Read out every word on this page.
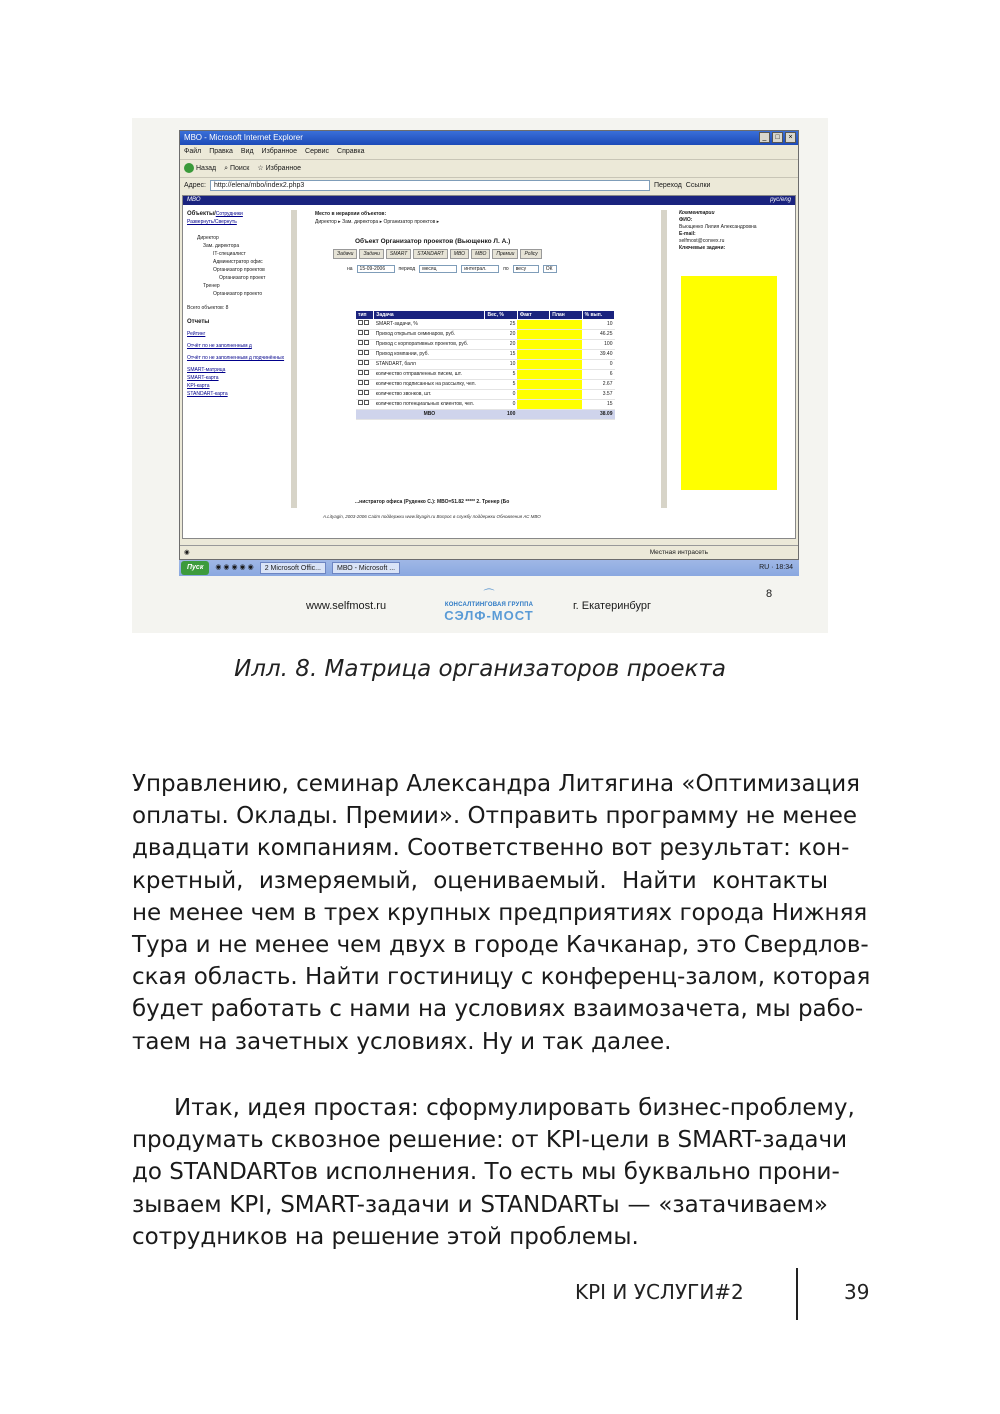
МВО - Microsoft Internet Explorer	_	□	×
Файл Правка Вид Избранное Сервис Справка
Назад ⌕ Поиск ☆ Избранное
Адрес:	http://elena/mbo/index2.php3	Переход Ссылки
МВО	рус/eng
Объекты/Сотрудники
Развернуть/Свернуть
Директор
Зам. директора
IT-специалист
Администратор офис
Организатор проектов
Организатор проект
Тренер
Организатор проекто
Всего объектов: 8
Отчеты
Рейтинг
Отчёт по не заполненным д
Отчёт по не заполненным д подчинённых
SMART-матрица
SMART-карта
KPI-карта
STANDART-карта
Место в иерархии объектов:
Директор ▸ Зам. директора ▸ Организатор проектов ▸
Объект Организатор проектов (Вьющенко Л. А.)
Задачи	Задачи	SMART	STANDART	МВО	МВО	Премии	Policy
на	15-09-2006	период	месяц	интеграл.	по	весу	ОК
тип	Задача	Вес, %	Факт	План	% вып.
	SMART-задачи, %	25			10
	Приход открытых семинаров, руб.	20			46.25
	Приход с корпоративных проектов, руб.	20			100
	Приход компании, руб.	15			39.40
	STANDART, балл	10			0
	количество отправленных писем, шт.	5			6
	количество подписанных на рассылку, чел.	5			2.67
	количество звонков, шт.	0			3.57
	количество потенциальных клиентов, чел.	0			15
	МВО	100			38.09
...нистратор офиса (Руденко С.): МВО=51.82 ***** 2. Тренер (Бо
Комментарии
ФИО:
Вьющенко Лилия Александровна
E-mail:
selfmost@convex.ru
Ключевые задачи:
A.Lityagin, 2003-2006 Сайт поддержки www.lityagin.ru Вопрос в службу поддержки Обновления АС МВО
◉	Местная интрасеть
Пуск	◉ ◉ ◉ ◉ ◉	2 Microsoft Offic...	МВО - Microsoft ...	RU · 18:34
www.selfmost.ru
⌒
КОНСАЛТИНГОВАЯ ГРУППА
СЭЛФ-МОСТ
г. Екатеринбург
8
Илл. 8. Матрица организаторов проекта
Управлению, семинар Александра Литягина «Оптимизация
оплаты. Оклады. Премии». Отправить программу не менее
двадцати компаниям. Соответственно вот результат: кон-
кретный, измеряемый, оцениваемый. Найти контакты
не менее чем в трех крупных предприятиях города Нижняя
Тура и не менее чем двух в городе Качканар, это Свердлов-
ская область. Найти гостиницу с конференц-залом, которая
будет работать с нами на условиях взаимозачета, мы рабо-
таем на зачетных условиях. Ну и так далее.
Итак, идея простая: сформулировать бизнес-проблему,
продумать сквозное решение: от KPI-цели в SMART-задачи
до STANDARTов исполнения. То есть мы буквально прони-
зываем KPI, SMART-задачи и STANDARTы — «затачиваем»
сотрудников на решение этой проблемы.
KPI И УСЛУГИ#2	39
